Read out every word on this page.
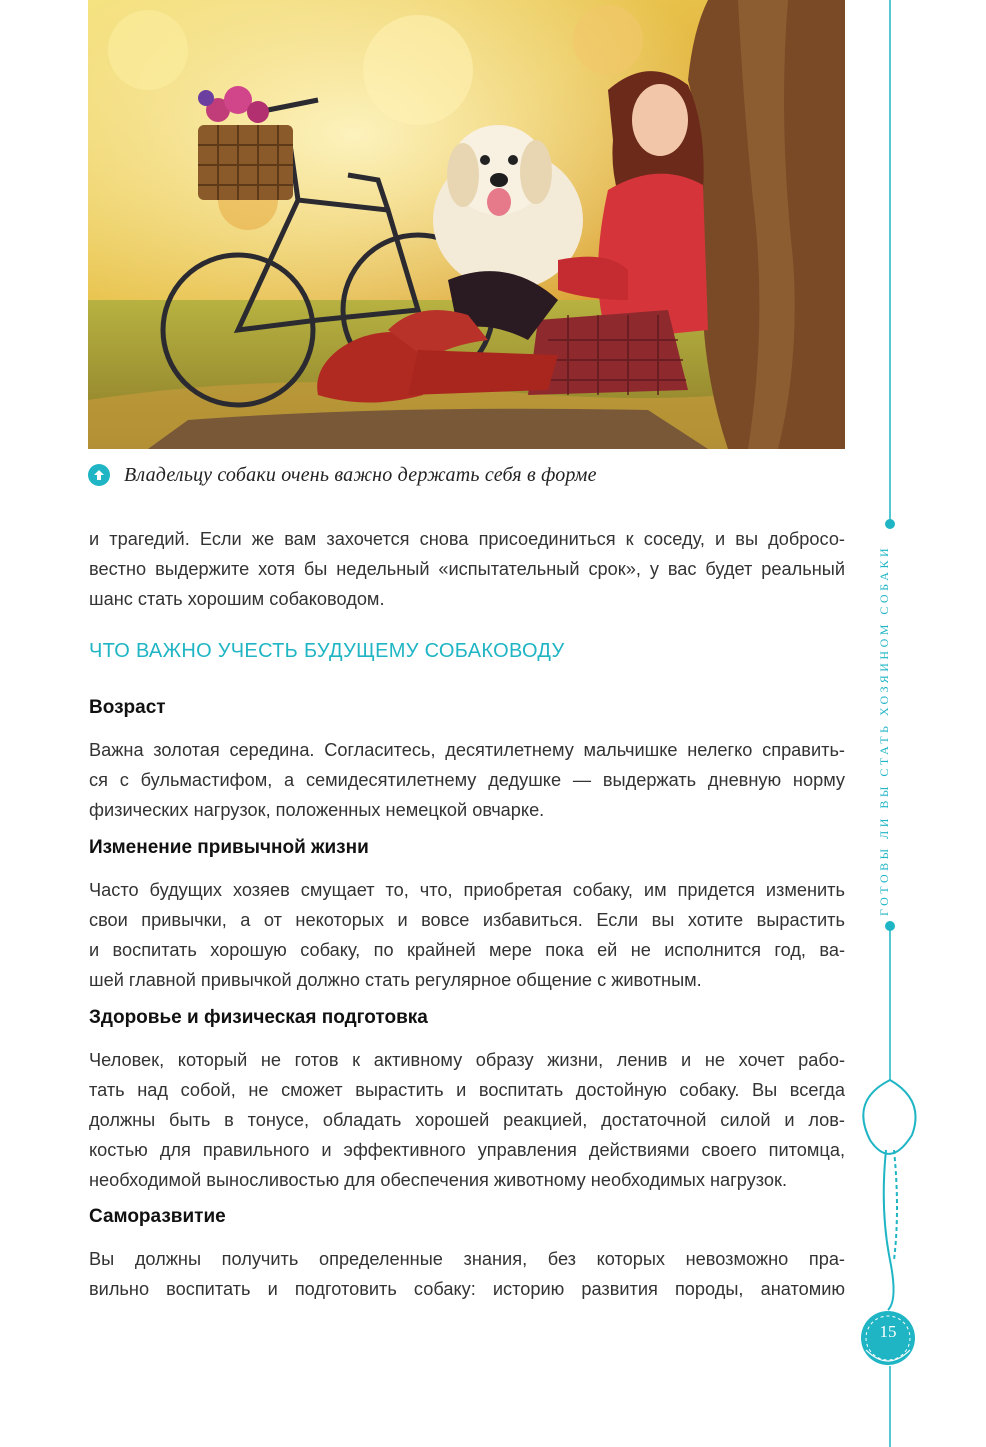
Владельцу собаки очень важно держать себя в форме
и трагедий. Если же вам захочется снова присоединиться к соседу, и вы добросо-
вестно выдержите хотя бы недельный «испытательный срок», у вас будет реальный
шанс стать хорошим собаководом.
ЧТО ВАЖНО УЧЕСТЬ БУДУЩЕМУ СОБАКОВОДУ
Возраст
Важна золотая середина. Согласитесь, десятилетнему мальчишке нелегко справить-
ся с бульмастифом, а семидесятилетнему дедушке — выдержать дневную норму
физических нагрузок, положенных немецкой овчарке.
Изменение привычной жизни
Часто будущих хозяев смущает то, что, приобретая собаку, им придется изменить
свои привычки, а от некоторых и вовсе избавиться. Если вы хотите вырастить
и воспитать хорошую собаку, по крайней мере пока ей не исполнится год, ва-
шей главной привычкой должно стать регулярное общение с животным.
Здоровье и физическая подготовка
Человек, который не готов к активному образу жизни, ленив и не хочет рабо-
тать над собой, не сможет вырастить и воспитать достойную собаку. Вы всегда
должны быть в тонусе, обладать хорошей реакцией, достаточной силой и лов-
костью для правильного и эффективного управления действиями своего питомца,
необходимой выносливостью для обеспечения животному необходимых нагрузок.
Саморазвитие
Вы должны получить определенные знания, без которых невозможно пра-
вильно воспитать и подготовить собаку: историю развития породы, анатомию
ГОТОВЫ ЛИ ВЫ СТАТЬ ХОЗЯИНОМ СОБАКИ
15
